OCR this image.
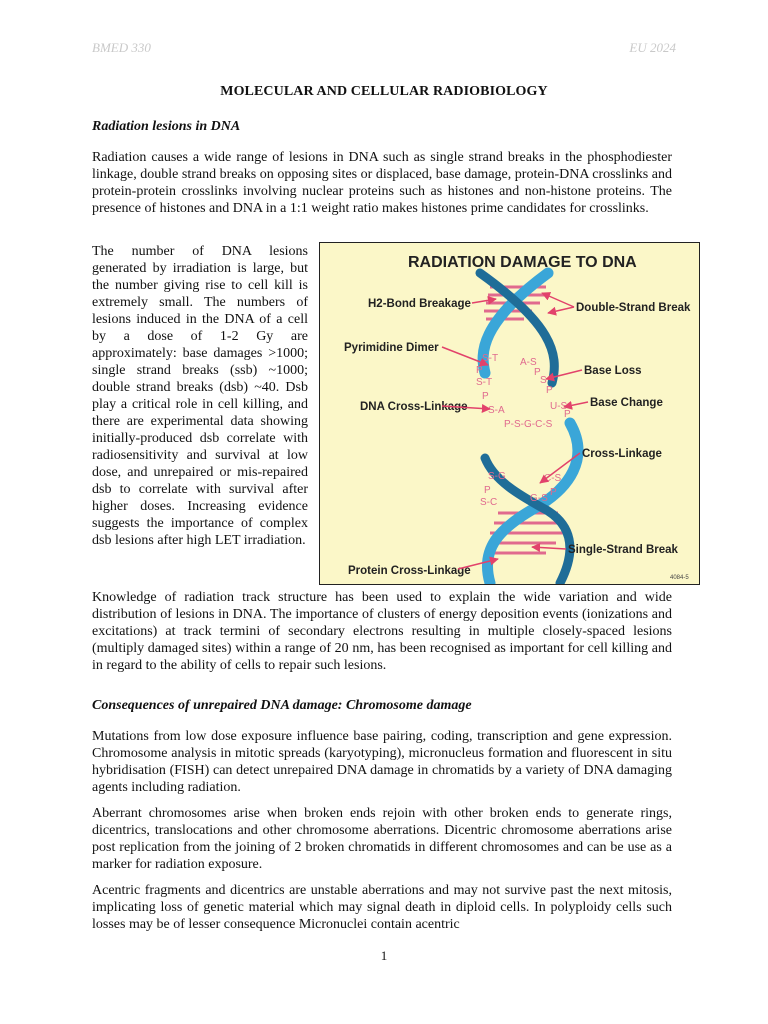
BMED 330	EU 2024
MOLECULAR AND CELLULAR RADIOBIOLOGY
Radiation lesions in DNA

Radiation causes a wide range of lesions in DNA such as single strand breaks in the phosphodiester linkage, double strand breaks on opposing sites or displaced, base damage, protein-DNA crosslinks and protein-protein crosslinks involving nuclear proteins such as histones and non-histone proteins. The presence of histones and DNA in a 1:1 weight ratio makes histones prime candidates for crosslinks.

The number of DNA lesions generated by irradiation is large, but the number giving rise to cell kill is extremely small. The numbers of lesions induced in the DNA of a cell by a dose of 1-2 Gy are approximately: base damages >1000; single strand breaks (ssb) ~1000; double strand breaks (dsb) ~40. Dsb play a critical role in cell killing, and there are experimental data showing initially-produced dsb correlate with radiosensitivity and survival at low dose, and unrepaired or mis-repaired dsb to correlate with survival after higher doses. Increasing evidence suggests the importance of complex dsb lesions after high LET irradiation.

RADIATION DAMAGE TO DNA
S-T A-S
P
P
S-T	S
P
P
U-S
S-A	P
P-S-G-C-S
S-G	C-S
P	P
S-C	G-S
H2-Bond Breakage	Double-Strand Break
Pyrimidine Dimer
Base Loss
DNA Cross-Linkage	Base Change
Cross-Linkage
Single-Strand Break
Protein Cross-Linkage
4084-5

Knowledge of radiation track structure has been used to explain the wide variation and wide distribution of lesions in DNA. The importance of clusters of energy deposition events (ionizations and excitations) at track termini of secondary electrons resulting in multiple closely-spaced lesions (multiply damaged sites) within a range of 20 nm, has been recognised as important for cell killing and in regard to the ability of cells to repair such lesions.

Consequences of unrepaired DNA damage: Chromosome damage

Mutations from low dose exposure influence base pairing, coding, transcription and gene expression. Chromosome analysis in mitotic spreads (karyotyping), micronucleus formation and fluorescent in situ hybridisation (FISH) can detect unrepaired DNA damage in chromatids by a variety of DNA damaging agents including radiation.

Aberrant chromosomes arise when broken ends rejoin with other broken ends to generate rings, dicentrics, translocations and other chromosome aberrations. Dicentric chromosome aberrations arise post replication from the joining of 2 broken chromatids in different chromosomes and can be use as a marker for radiation exposure.

Acentric fragments and dicentrics are unstable aberrations and may not survive past the next mitosis, implicating loss of genetic material which may signal death in diploid cells. In polyploidy cells such losses may be of lesser consequence Micronuclei contain acentric

1
